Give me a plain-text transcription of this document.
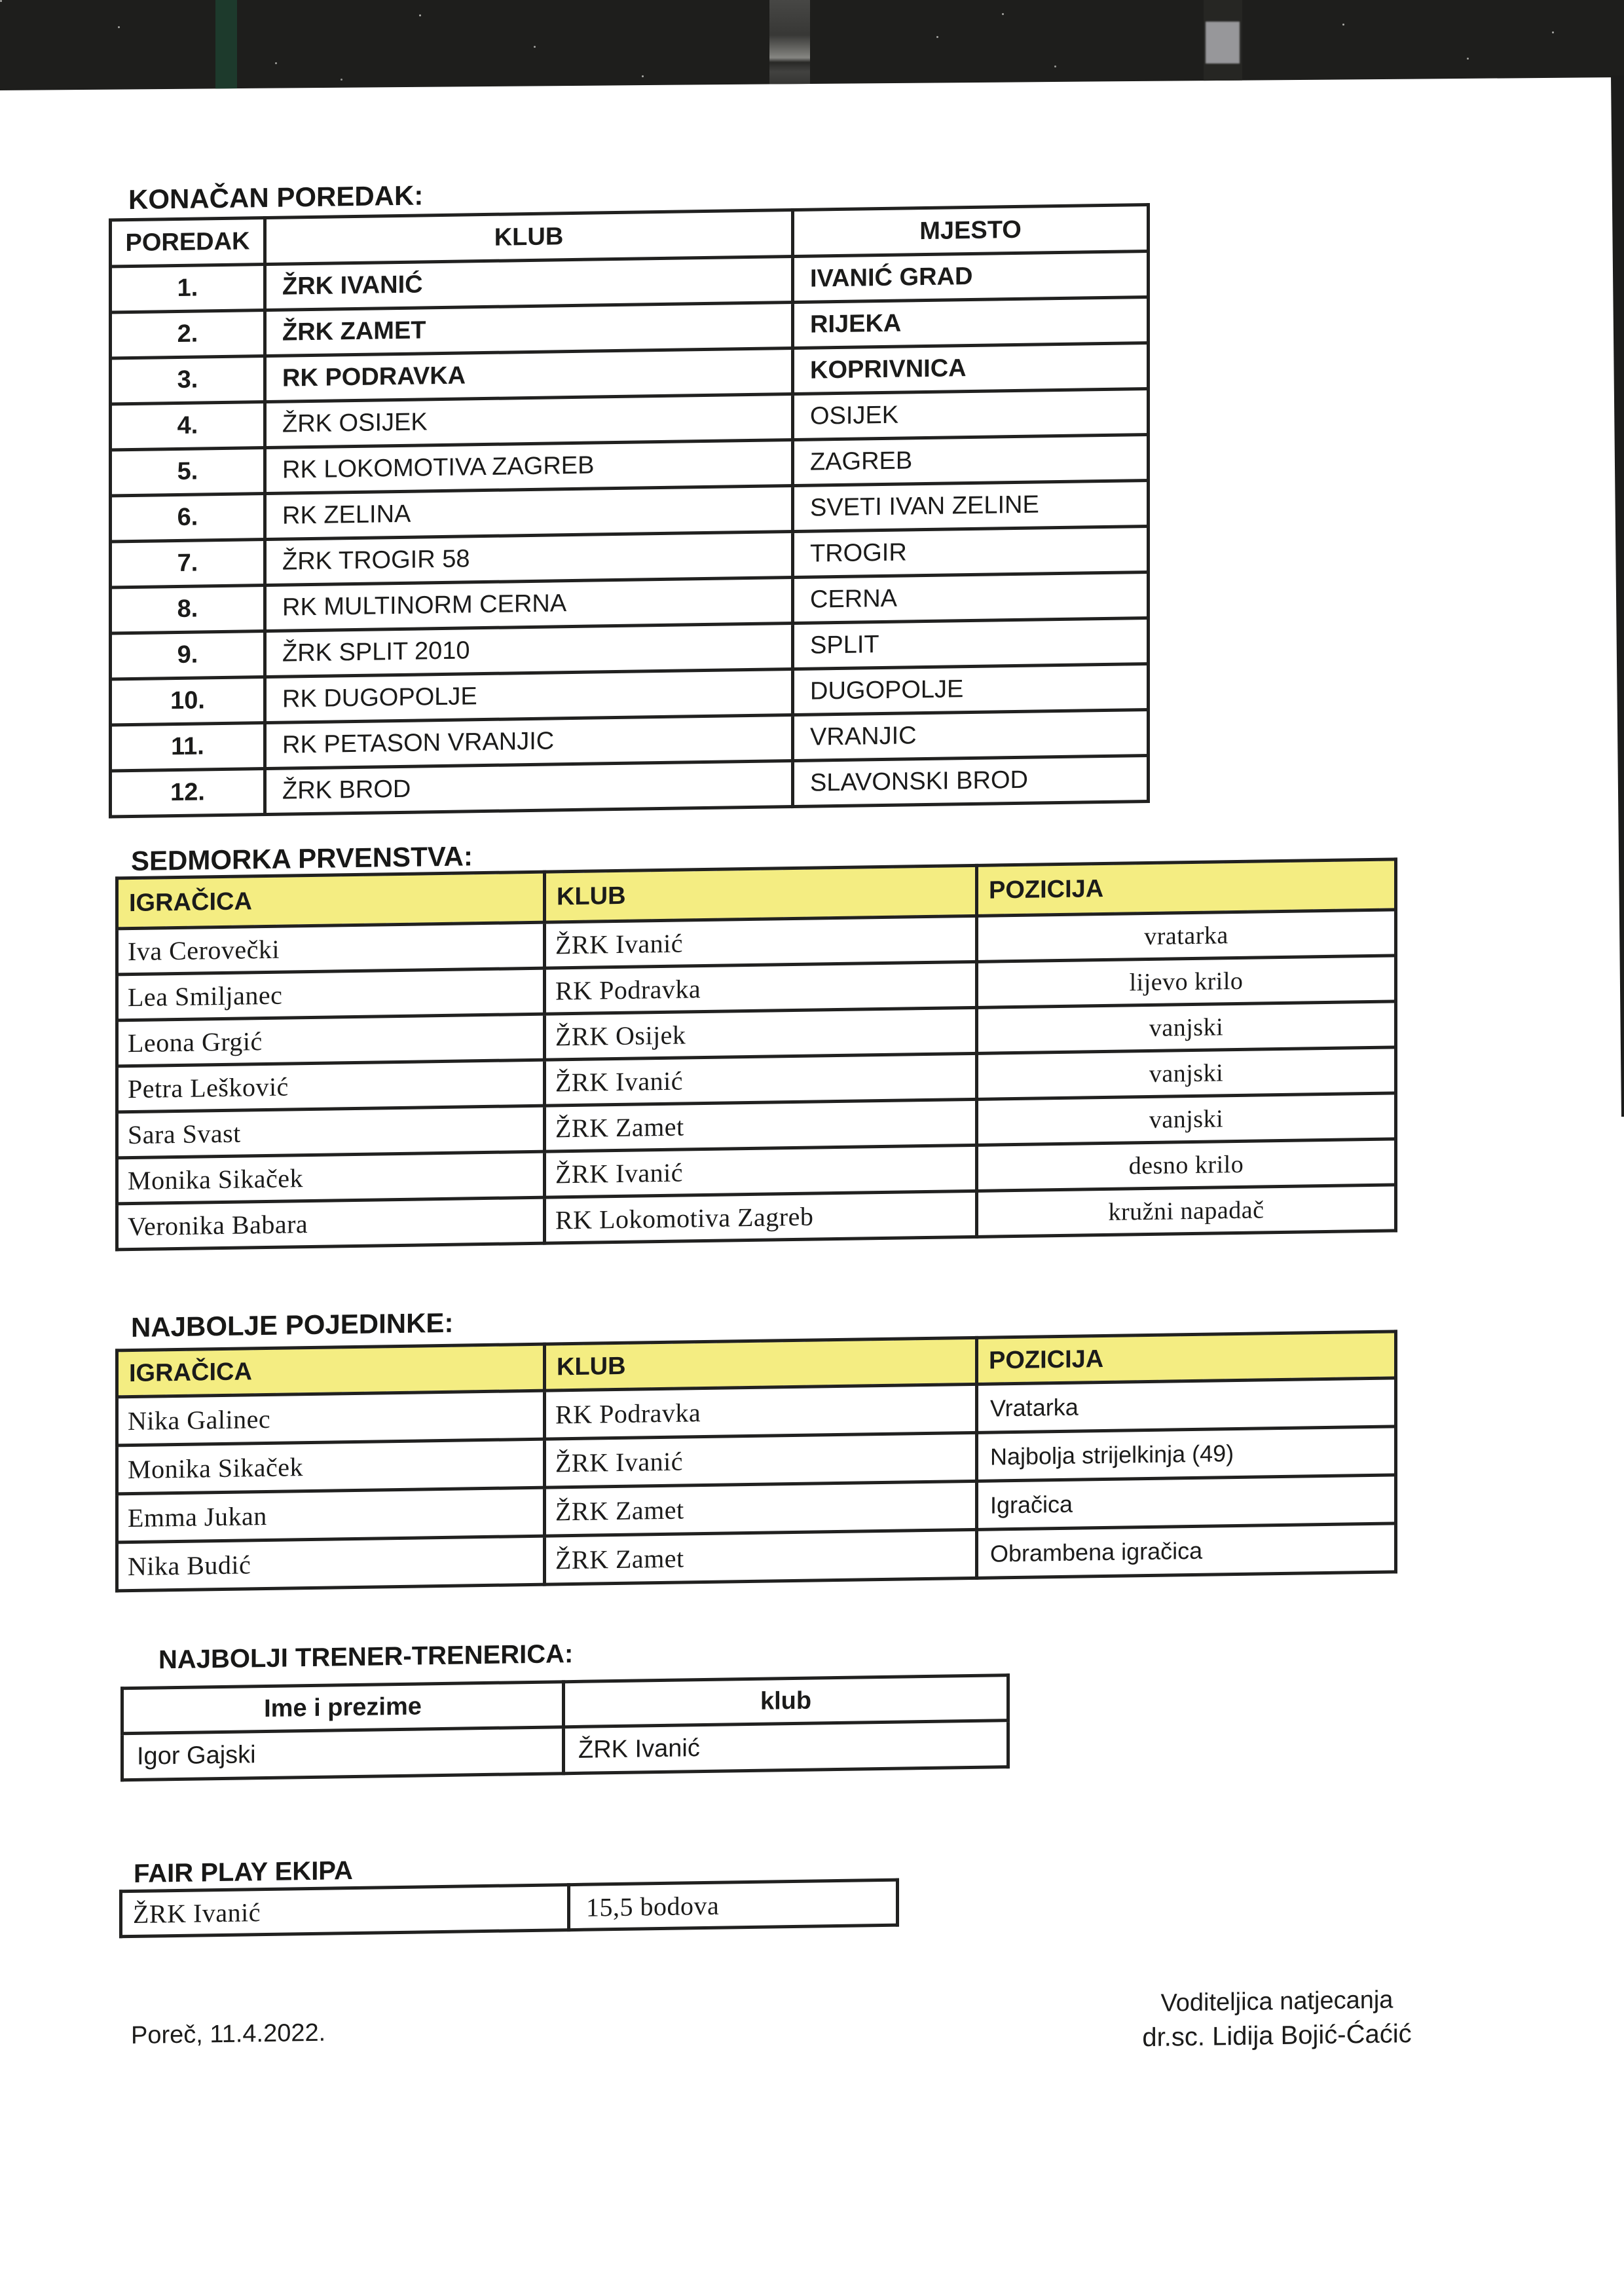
KONAČAN POREDAK:
POREDAK	KLUB	MJESTO
1.	ŽRK IVANIĆ	IVANIĆ GRAD
2.	ŽRK ZAMET	RIJEKA
3.	RK PODRAVKA	KOPRIVNICA
4.	ŽRK OSIJEK	OSIJEK
5.	RK LOKOMOTIVA ZAGREB	ZAGREB
6.	RK ZELINA	SVETI IVAN ZELINE
7.	ŽRK TROGIR 58	TROGIR
8.	RK MULTINORM CERNA	CERNA
9.	ŽRK SPLIT 2010	SPLIT
10.	RK DUGOPOLJE	DUGOPOLJE
11.	RK PETASON VRANJIC	VRANJIC
12.	ŽRK BROD	SLAVONSKI BROD
SEDMORKA PRVENSTVA:
IGRAČICA	KLUB	POZICIJA
Iva Cerovečki	ŽRK Ivanić	vratarka
Lea Smiljanec	RK Podravka	lijevo krilo
Leona Grgić	ŽRK Osijek	vanjski
Petra Lešković	ŽRK Ivanić	vanjski
Sara Svast	ŽRK Zamet	vanjski
Monika Sikaček	ŽRK Ivanić	desno krilo
Veronika Babara	RK Lokomotiva Zagreb	kružni napadač
NAJBOLJE POJEDINKE:
IGRAČICA	KLUB	POZICIJA
Nika Galinec	RK Podravka	Vratarka
Monika Sikaček	ŽRK Ivanić	Najbolja strijelkinja (49)
Emma Jukan	ŽRK Zamet	Igračica
Nika Budić	ŽRK Zamet	Obrambena igračica
NAJBOLJI TRENER-TRENERICA:
Ime i prezime	klub
Igor Gajski	ŽRK Ivanić
FAIR PLAY EKIPA
ŽRK Ivanić	15,5 bodova
Poreč, 11.4.2022.
Voditeljica natjecanja
dr.sc. Lidija Bojić-Ćaćić
